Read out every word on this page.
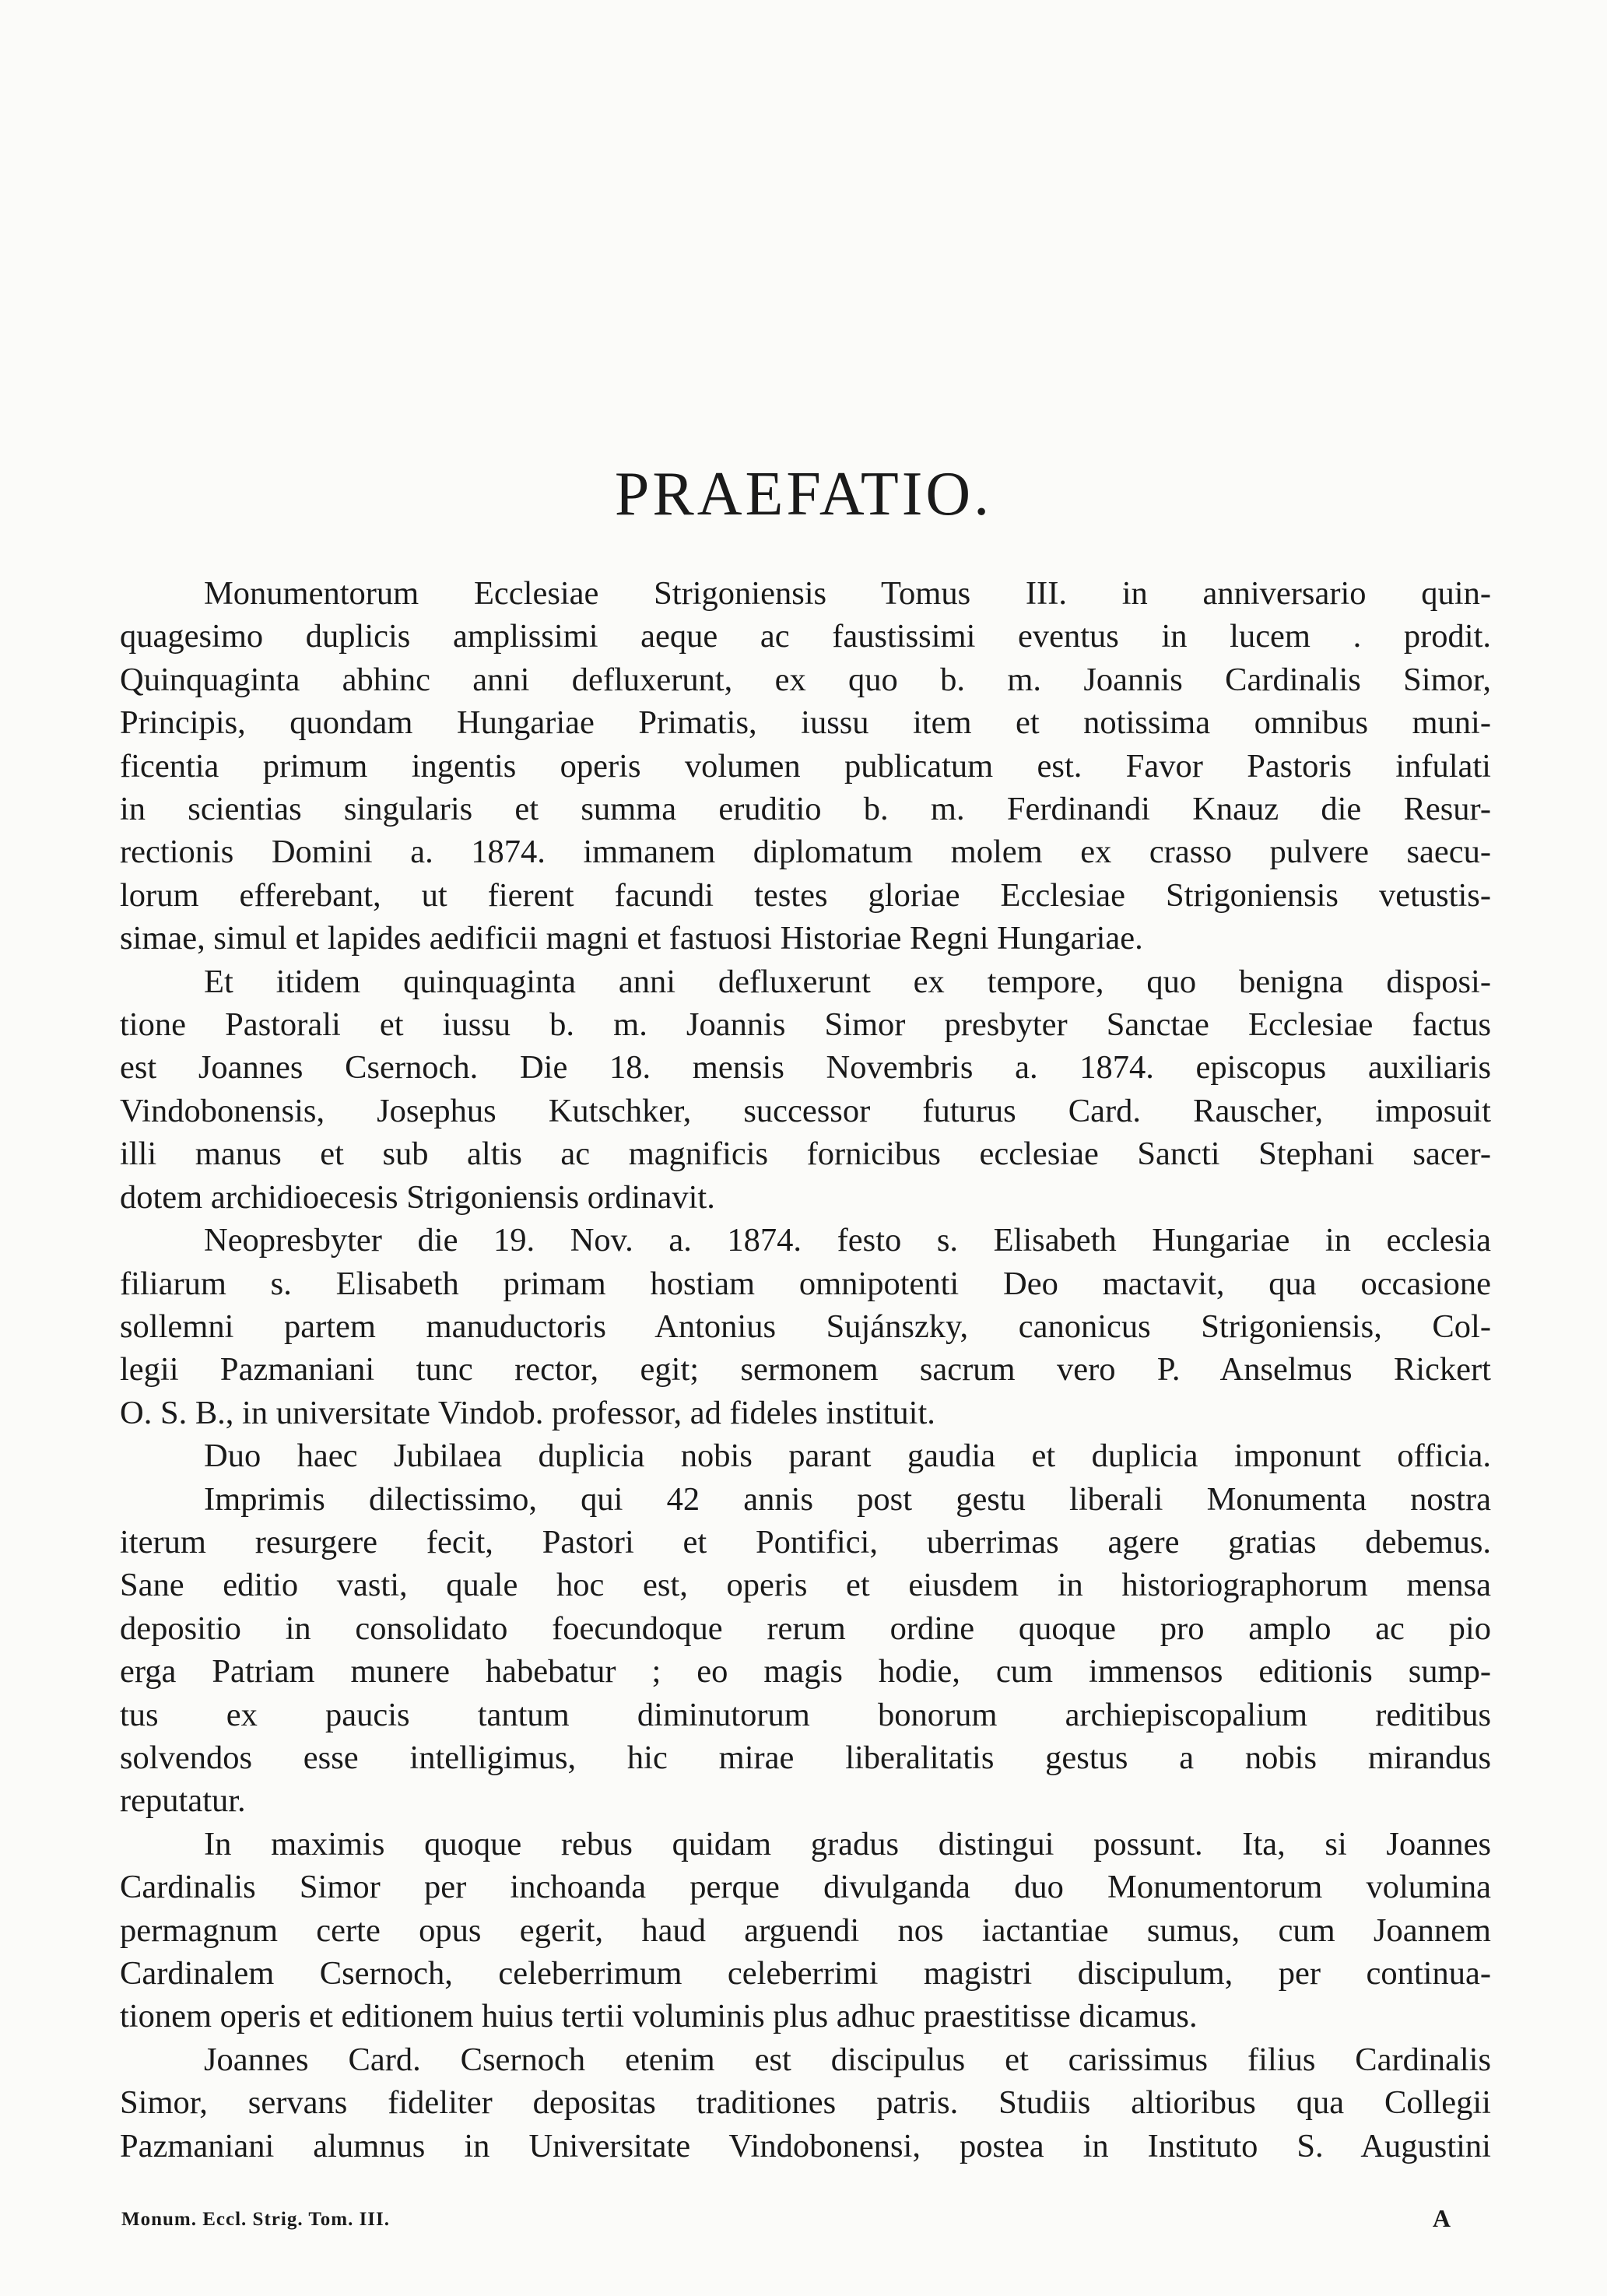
PRAEFATIO.

Monumentorum Ecclesiae Strigoniensis Tomus III. in anniversario quin-

quagesimo duplicis amplissimi aeque ac faustissimi eventus in lucem . prodit.

Quinquaginta abhinc anni defluxerunt, ex quo b. m. Joannis Cardinalis Simor,

Principis, quondam Hungariae Primatis, iussu item et notissima omnibus muni-

ficentia primum ingentis operis volumen publicatum est. Favor Pastoris infulati

in scientias singularis et summa eruditio b. m. Ferdinandi Knauz die Resur-

rectionis Domini a. 1874. immanem diplomatum molem ex crasso pulvere saecu-

lorum efferebant, ut fierent facundi testes gloriae Ecclesiae Strigoniensis vetustis-

simae, simul et lapides aedificii magni et fastuosi Historiae Regni Hungariae.

Et itidem quinquaginta anni defluxerunt ex tempore, quo benigna disposi-

tione Pastorali et iussu b. m. Joannis Simor presbyter Sanctae Ecclesiae factus

est Joannes Csernoch. Die 18. mensis Novembris a. 1874. episcopus auxiliaris

Vindobonensis, Josephus Kutschker, successor futurus Card. Rauscher, imposuit

illi manus et sub altis ac magnificis fornicibus ecclesiae Sancti Stephani sacer-

dotem archidioecesis Strigoniensis ordinavit.

Neopresbyter die 19. Nov. a. 1874. festo s. Elisabeth Hungariae in ecclesia

filiarum s. Elisabeth primam hostiam omnipotenti Deo mactavit, qua occasione

sollemni partem manuductoris Antonius Sujánszky, canonicus Strigoniensis, Col-

legii Pazmaniani tunc rector, egit; sermonem sacrum vero P. Anselmus Rickert

O. S. B., in universitate Vindob. professor, ad fideles instituit.

Duo haec Jubilaea duplicia nobis parant gaudia et duplicia imponunt officia.

Imprimis dilectissimo, qui 42 annis post gestu liberali Monumenta nostra

iterum resurgere fecit, Pastori et Pontifici, uberrimas agere gratias debemus.

Sane editio vasti, quale hoc est, operis et eiusdem in historiographorum mensa

depositio in consolidato foecundoque rerum ordine quoque pro amplo ac pio

erga Patriam munere habebatur ; eo magis hodie, cum immensos editionis sump-

tus ex paucis tantum diminutorum bonorum archiepiscopalium reditibus

solvendos esse intelligimus, hic mirae liberalitatis gestus a nobis mirandus

reputatur.

In maximis quoque rebus quidam gradus distingui possunt. Ita, si Joannes

Cardinalis Simor per inchoanda perque divulganda duo Monumentorum volumina

permagnum certe opus egerit, haud arguendi nos iactantiae sumus, cum Joannem

Cardinalem Csernoch, celeberrimum celeberrimi magistri discipulum, per continua-

tionem operis et editionem huius tertii voluminis plus adhuc praestitisse dicamus.

Joannes Card. Csernoch etenim est discipulus et carissimus filius Cardinalis

Simor, servans fideliter depositas traditiones patris. Studiis altioribus qua Collegii

Pazmaniani alumnus in Universitate Vindobonensi, postea in Instituto S. Augustini

Monum. Eccl. Strig. Tom. III.	A
